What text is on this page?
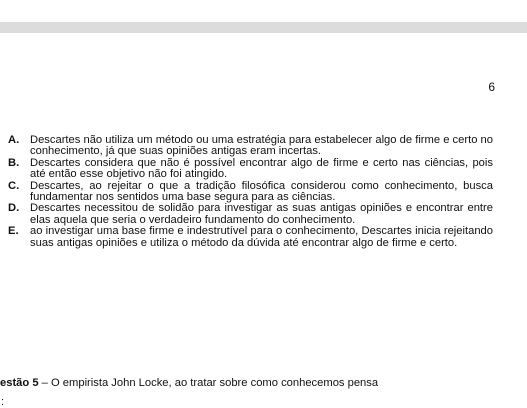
6
A. Descartes não utiliza um método ou uma estratégia para estabelecer algo de firme e certo no conhecimento, já que suas opiniões antigas eram incertas.
B. Descartes considera que não é possível encontrar algo de firme e certo nas ciências, pois até então esse objetivo não foi atingido.
C. Descartes, ao rejeitar o que a tradição filosófica considerou como conhecimento, busca fundamentar nos sentidos uma base segura para as ciências.
D. Descartes necessitou de solidão para investigar as suas antigas opiniões e encontrar entre elas aquela que seria o verdadeiro fundamento do conhecimento.
E.	ao investigar uma base firme e indestrutível para o conhecimento, Descartes inicia rejeitando suas antigas opiniões e utiliza o método da dúvida até encontrar algo de firme e certo.
estão 5 – O empirista John Locke, ao tratar sobre como conhecemos pensa
:
